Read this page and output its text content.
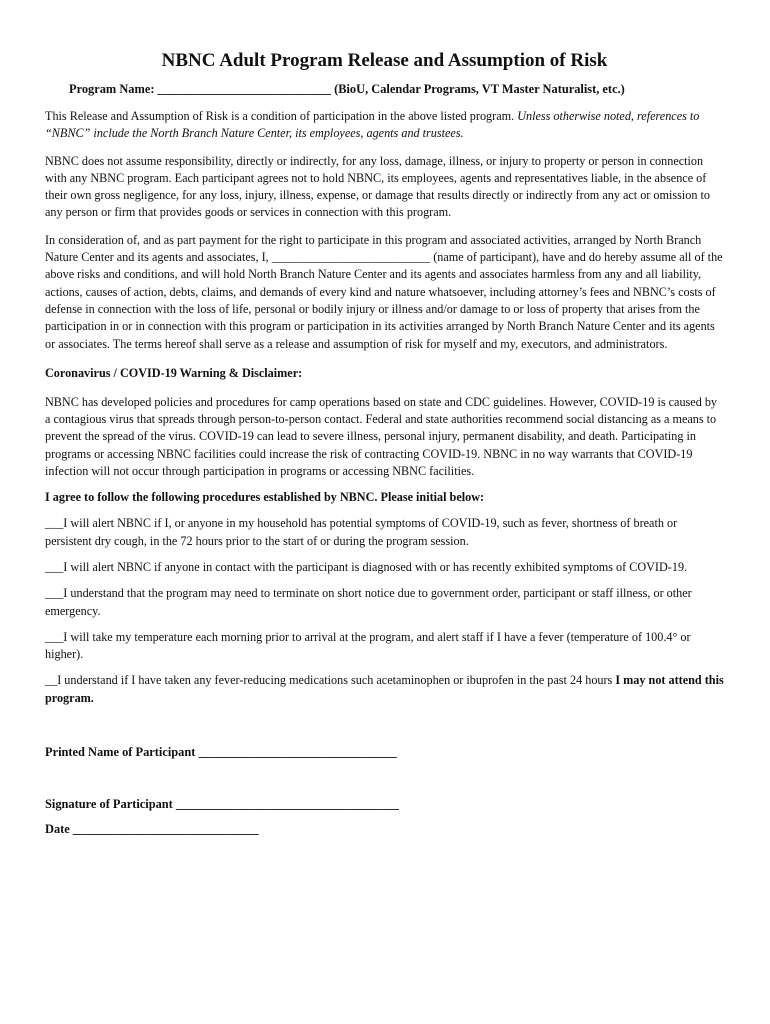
NBNC Adult Program Release and Assumption of Risk
Program Name: ____________________________ (BioU, Calendar Programs, VT Master Naturalist, etc.)

This Release and Assumption of Risk is a condition of participation in the above listed program. Unless otherwise noted, references to “NBNC” include the North Branch Nature Center, its employees, agents and trustees.

NBNC does not assume responsibility, directly or indirectly, for any loss, damage, illness, or injury to property or person in connection with any NBNC program. Each participant agrees not to hold NBNC, its employees, agents and representatives liable, in the absence of their own gross negligence, for any loss, injury, illness, expense, or damage that results directly or indirectly from any act or omission to any person or firm that provides goods or services in connection with this program.

In consideration of, and as part payment for the right to participate in this program and associated activities, arranged by North Branch Nature Center and its agents and associates, I, __________________________ (name of participant), have and do hereby assume all of the above risks and conditions, and will hold North Branch Nature Center and its agents and associates harmless from any and all liability, actions, causes of action, debts, claims, and demands of every kind and nature whatsoever, including attorney’s fees and NBNC’s costs of defense in connection with the loss of life, personal or bodily injury or illness and/or damage to or loss of property that arises from the participation in or in connection with this program or participation in its activities arranged by North Branch Nature Center and its agents or associates. The terms hereof shall serve as a release and assumption of risk for myself and my, executors, and administrators.

Coronavirus / COVID-19 Warning & Disclaimer:

NBNC has developed policies and procedures for camp operations based on state and CDC guidelines. However, COVID-19 is caused by a contagious virus that spreads through person-to-person contact. Federal and state authorities recommend social distancing as a means to prevent the spread of the virus. COVID-19 can lead to severe illness, personal injury, permanent disability, and death. Participating in programs or accessing NBNC facilities could increase the risk of contracting COVID-19. NBNC in no way warrants that COVID-19 infection will not occur through participation in programs or accessing NBNC facilities.

I agree to follow the following procedures established by NBNC. Please initial below:

___I will alert NBNC if I, or anyone in my household has potential symptoms of COVID-19, such as fever, shortness of breath or persistent dry cough, in the 72 hours prior to the start of or during the program session.

___I will alert NBNC if anyone in contact with the participant is diagnosed with or has recently exhibited symptoms of COVID-19.

___I understand that the program may need to terminate on short notice due to government order, participant or staff illness, or other emergency.

___I will take my temperature each morning prior to arrival at the program, and alert staff if I have a fever (temperature of 100.4° or higher).

__I understand if I have taken any fever-reducing medications such acetaminophen or ibuprofen in the past 24 hours I may not attend this program.

Printed Name of Participant ________________________________
Signature of Participant ____________________________________
Date ______________________________
